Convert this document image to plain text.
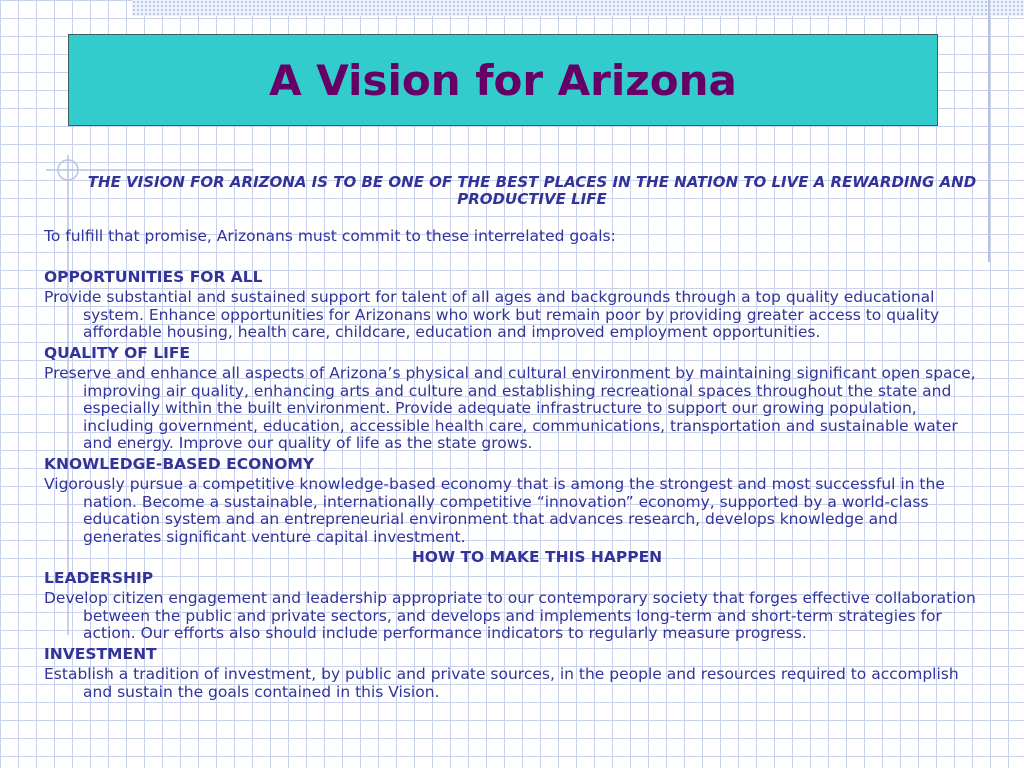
A Vision for Arizona
THE VISION FOR ARIZONA IS TO BE ONE OF THE BEST PLACES IN THE NATION TO LIVE A REWARDING AND PRODUCTIVE LIFE
To fulfill that promise, Arizonans must commit to these interrelated goals:
OPPORTUNITIES FOR ALL
Provide substantial and sustained support for talent of all ages and backgrounds through a top quality educational system. Enhance opportunities for Arizonans who work but remain poor by providing greater access to quality affordable housing, health care, childcare, education and improved employment opportunities.
QUALITY OF LIFE
Preserve and enhance all aspects of Arizona’s physical and cultural environment by maintaining significant open space, improving air quality, enhancing arts and culture and establishing recreational spaces throughout the state and especially within the built environment. Provide adequate infrastructure to support our growing population, including government, education, accessible health care, communications, transportation and sustainable water and energy. Improve our quality of life as the state grows.
KNOWLEDGE-BASED ECONOMY
Vigorously pursue a competitive knowledge-based economy that is among the strongest and most successful in the nation. Become a sustainable, internationally competitive “innovation” economy, supported by a world-class education system and an entrepreneurial environment that advances research, develops knowledge and generates significant venture capital investment.
HOW TO MAKE THIS HAPPEN
LEADERSHIP
Develop citizen engagement and leadership appropriate to our contemporary society that forges effective collaboration between the public and private sectors, and develops and implements long-term and short-term strategies for action. Our efforts also should include performance indicators to regularly measure progress.
INVESTMENT
Establish a tradition of investment, by public and private sources, in the people and resources required to accomplish and sustain the goals contained in this Vision.
